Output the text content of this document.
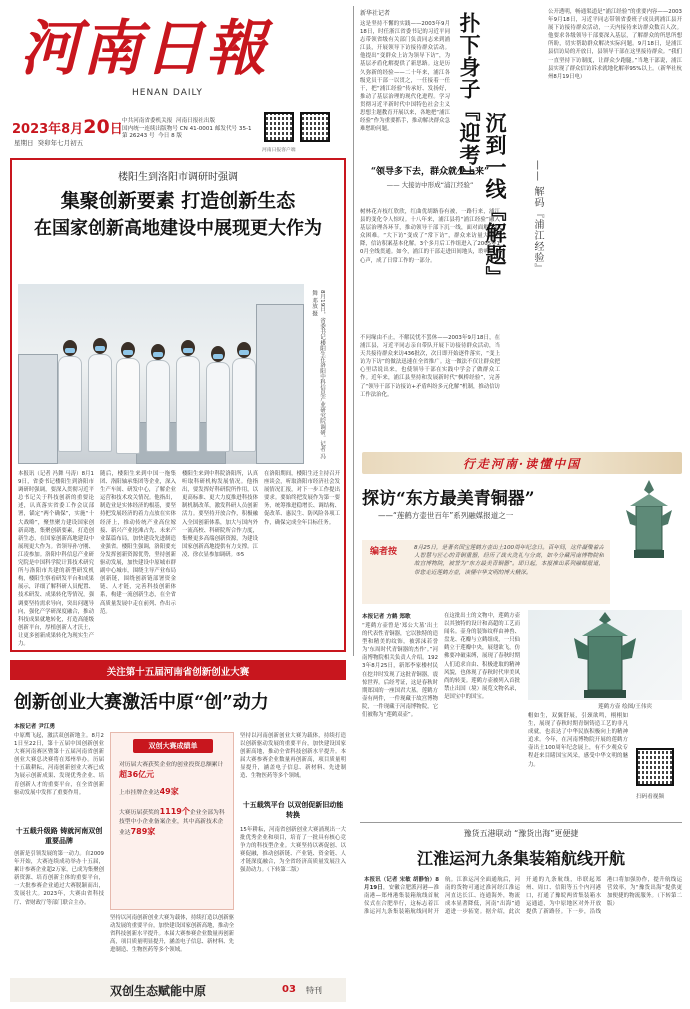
河南日報
HENAN DAILY
2023年8月20日
星期日 癸卯年七月初五
中共河南省委机关报 河南日报社出版
国内统一连续出版物号 CN 41-0001 邮发代号 35-1
第 26243 号 今日 8 版
河南日报客户端
楼阳生到洛阳市调研时强调
集聚创新要素 打造创新生态
在国家创新高地建设中展现更大作为
8月19日，省委书记楼阳生在洛阳中科信息产业研究院调研。记者 冯舞 邓放 摄
本报讯（记者 冯舞 马涛）8月19日，省委书记楼阳生到洛阳市调研时强调，要深入贯彻习近平总书记关于科技创新的重要论述，认真落实省委工作会议部署，锚定“两个确保”，实施“十大战略”，聚焦聚力建设国家创新高地，集聚创新要素，打造创新生态，在国家创新高地建设中展现更大作为。省领导孙守刚、江凌参加。洛阳中科信息产业研究院是中国科学院计算技术研究所与洛阳市共建的新型研发机构，楼阳生察看研发平台和成果展示，详细了解科研人员配置、技术研发、成果转化等情况，强调要坚持需求导向，突出问题导向，强化产学研深度融合，推动科技成果就地转化，打造高能级创新平台，厚植创新人才沃土，让更多创新成果转化为现实生产力。
随后，楼阳生来到中国一拖集团、洛阳轴承集团等企业，深入生产车间、研发中心，了解企业运营和技术攻关情况。他指出，制造业是实体经济的根基，要坚持把发展经济的着力点放在实体经济上，推动传统产业高位嫁接、新兴产业抢滩占先、未来产业谋篇布局，加快建设先进制造业强省。楼阳生强调，洛阳要充分发挥创新资源优势，坚持创新驱动发展，加快建设中原城市群副中心城市，围绕主导产业布局创新链，围绕创新链部署资金链、人才链，完善科技创新体系，构建一流创新生态，在全省高质量发展中走在前列、作出示范。
楼阳生来到中科院洛阳所，认真听取科研机构发展情况。他指出，要发挥好科研院所作用，以更高标准、更大力度推进科技体制机制改革，激发科研人员创新活力。要坚持开放合作，积极融入全国创新体系，加大与国内外一流高校、科研院所合作力度，集聚更多高端创新资源，为建设国家创新高地提供有力支撑。江凌、徐衣显参加调研。⑤5
在洛阳期间，楼阳生还主持召开座谈会，听取洛阳市经济社会发展情况汇报，对下一步工作提出要求。要始终把发展作为第一要务，统筹推进稳增长、调结构、促改革、惠民生、防风险各项工作，确保完成全年目标任务。
新华社记者
这是坚持不懈的实践——2003年9月18日，时任浙江省委书记的习近平同志带领省级有关部门负责同志来到浦江县，开展领导下访接待群众活动。他提出“变群众上访为领导下访”，为基层矛盾化解提供了新思路。这是历久弥新的经验——二十年来，浦江各级党员干部一以贯之，一任接着一任干，把“浦江经验”传承好、发扬好，推动了基层治理的现代化进程。学习贯彻习近平新时代中国特色社会主义思想主题教育开展以来，各地把“浦江经验”作为重要抓手，推动解决群众急难愁盼问题。
“领导多下去，群众就少上来”
—— 大接访中形成“浦江经验”
树林花卉枝红欣欣，红曲优胡路春有被，一路行来，浦江县的变化令人惊叹。十八年来，浦江县将“浦江经验”融入基层治理各环节，推动领导干部下沉一线，面对面解决群众困难。“大下访”变成了“常下访”，群众来访量大幅下降，信访积案基本化解。3个多月后工作组进入了2005年10月全线贯通。如今，浦江的干部走进田间地头，聆听群众心声，成了日常工作的一部分。
不问缘由不止，不解民忧不罢休——2003年9月18日，在浦江县，习近平同志亲自带队开展下访接待群众活动，当天共接待群众来访436批次，次日即开始逐件落实，“变上访为下访”的做法迅速在全省推广。这一做法不仅让群众把心里话说出来，也使领导干部在实践中学会了做群众工作。近年来，浦江县坚持和发展新时代“枫桥经验”，完善了“领导干部下访接访+矛盾纠纷多元化解”机制，推动信访工作法治化。
扑下身子『迎考』
沉到一线『解题』 —— 解码『浦江经验』
公开透明，畅通渠道是“浦江经验”的重要内容——2003年9月18日，习近平同志带领省委班子成员到浦江县开展下访接待群众活动，一天内接待来访群众数百人次。他要求各级领导干部要深入基层，了解群众的所思所想所盼，切实帮助群众解决实际问题。9月18日，是浦江县信访局的开放日，县领导干部在这里接待群众。“我们一直坚持下访制度，让群众少跑腿。”当地干部说，浦江县实现了群众信访诉求就地化解率95%以上。（新华社杭州8月19日电）
行走河南·读懂中国
探访“东方最美青铜器”
——“莲鹤方壶世百年”系列融媒报道之一
编者按	8月25日，是著名国宝莲鹤方壶出土100周年纪念日。百年间，这件凝聚着古人智慧与匠心的青铜重器，经历了战火洗礼与分离，如今分藏河南博物院和故宫博物院，被誉为“东方最美青铜器”。即日起，本报推出系列融媒报道，带您走近莲鹤方壶，读懂中华文明的博大精深。
本报记者 方鹤 郑歌
“莲鹤方壶曾是‘郑公大墓’出土的代表性青铜器，它以独特的造型和精美的纹饰，被郭沫若誉为‘东周时代青铜器的杰作’。”河南博物院相关负责人介绍。1923年8月25日，新郑李家楼村民在挖井时发现了这批青铜器，震惊世界。后经考证，这是春秋时期郑国的一座国君大墓。莲鹤方壶有两件，一件现藏于故宫博物院，一件现藏于河南博物院，它们被称为“莲鹤双壶”。
在这批出土的文物中，莲鹤方壶以其独特的设计和高超的工艺而闻名。壶身的装饰纹样由神兽、盘龙、花瓣与立鹤组成，一只仙鹤立于莲瓣中央，展翅欲飞，仿佛要冲破束缚，展现了春秋时期人们追求自由、积极进取的精神风貌，也体现了春秋时代审美风尚的转变。莲鹤方壶被列入首批禁止出国（境）展览文物名录，是国宝中的国宝。
莲鹤方壶 绘图/王伟宾
帽如生，双翼舒展，引颈欲鸣，栩栩如生，展现了春秋时期青铜铸造工艺的非凡成就，也表达了中华民族积极向上的精神追求。今年，在河南博物院开展的莲鹤方壶出土100周年纪念展上，有不少观众专程赶来目睹国宝风采，感受中华文明的魅力。
扫码看视频
关注第十五届河南省创新创业大赛
创新创业大赛激活中原“创”动力
本报记者 尹江勇
中原鹰飞起，激活双创新地主。8月21日至22日，第十五届中国创新创业大赛河南赛区暨第十五届河南省创新创业大赛总决赛将在郑州举办。历届十五载耕耘，河南创新创业大赛已成为展示创新成果、发现优秀企业、培育创新人才的重要平台，在全省创新驱动发展中发挥了重要作用。
十五载升级路 铸就河南双创重要品牌
创新是引领发展的第一动力。自2009年开始，大赛连续成功举办十五届，累计参赛企业超2万家，已成为集聚创新资源、培育创新主体的重要平台，一大批参赛企业通过大赛脱颖而出，发展壮大。2023年，大赛由省科技厅、省财政厅等部门联合主办。
双创大赛成绩单
对历届大赛获奖企业的创业投资总额累计超36亿元
上市挂牌企业达49家
大赛历届获奖的1119个企业全部为科技型中小企业备案企业，其中高新技术企业达789家
坚持以河南创新创业大赛为载体，持续打造以创新驱动发展的重要平台，加快建设国家创新高地，推动全省科技创新水平提升。本届大赛参赛企业数量再创新高，项目质量明显提升，涵盖电子信息、新材料、先进制造、生物医药等多个领域。
坚持以河南创新创业大赛为载体，持续打造以创新驱动发展的重要平台，加快建设国家创新高地，推动全省科技创新水平提升。本届大赛参赛企业数量再创新高，项目质量明显提升，涵盖电子信息、新材料、先进制造、生物医药等多个领域。
十五载筑平台 以双创促新旧动能转换
15年耕耘，河南省创新创业大赛涌现出一大批优秀企业和项目，培育了一批具有核心竞争力的科技型企业。大赛坚持以赛促创、以赛促融，推动创新链、产业链、资金链、人才链深度融合，为全省经济高质量发展注入强劲动力。（下转第二版）
双创生态赋能中原	03 特刊
豫货五港联动 “豫货出海”更便捷
江淮运河九条集装箱航线开航
本报讯（记者 宋敏 胡静怡）8月19日，安徽合肥派河港—淮南港—郑州港集装箱航线首航仪式在合肥举行，这标志着江淮运河九条集装箱航线同时开航。江淮运河全面通航后，河南的货物可通过淮河经江淮运河直达长江、连通海外，物流成本显著降低，河南“出海”通道进一步拓宽。据介绍，此次开通的九条航线，串联起郑州、周口、信阳等五个内河港口，打通了豫皖两省集装箱水运通道，为中原地区对外开放提供了新路径。下一步，沿线港口将加强协作，提升航线运营效率，为“豫货出海”提供更加便捷的物流服务。（下转第二版）
